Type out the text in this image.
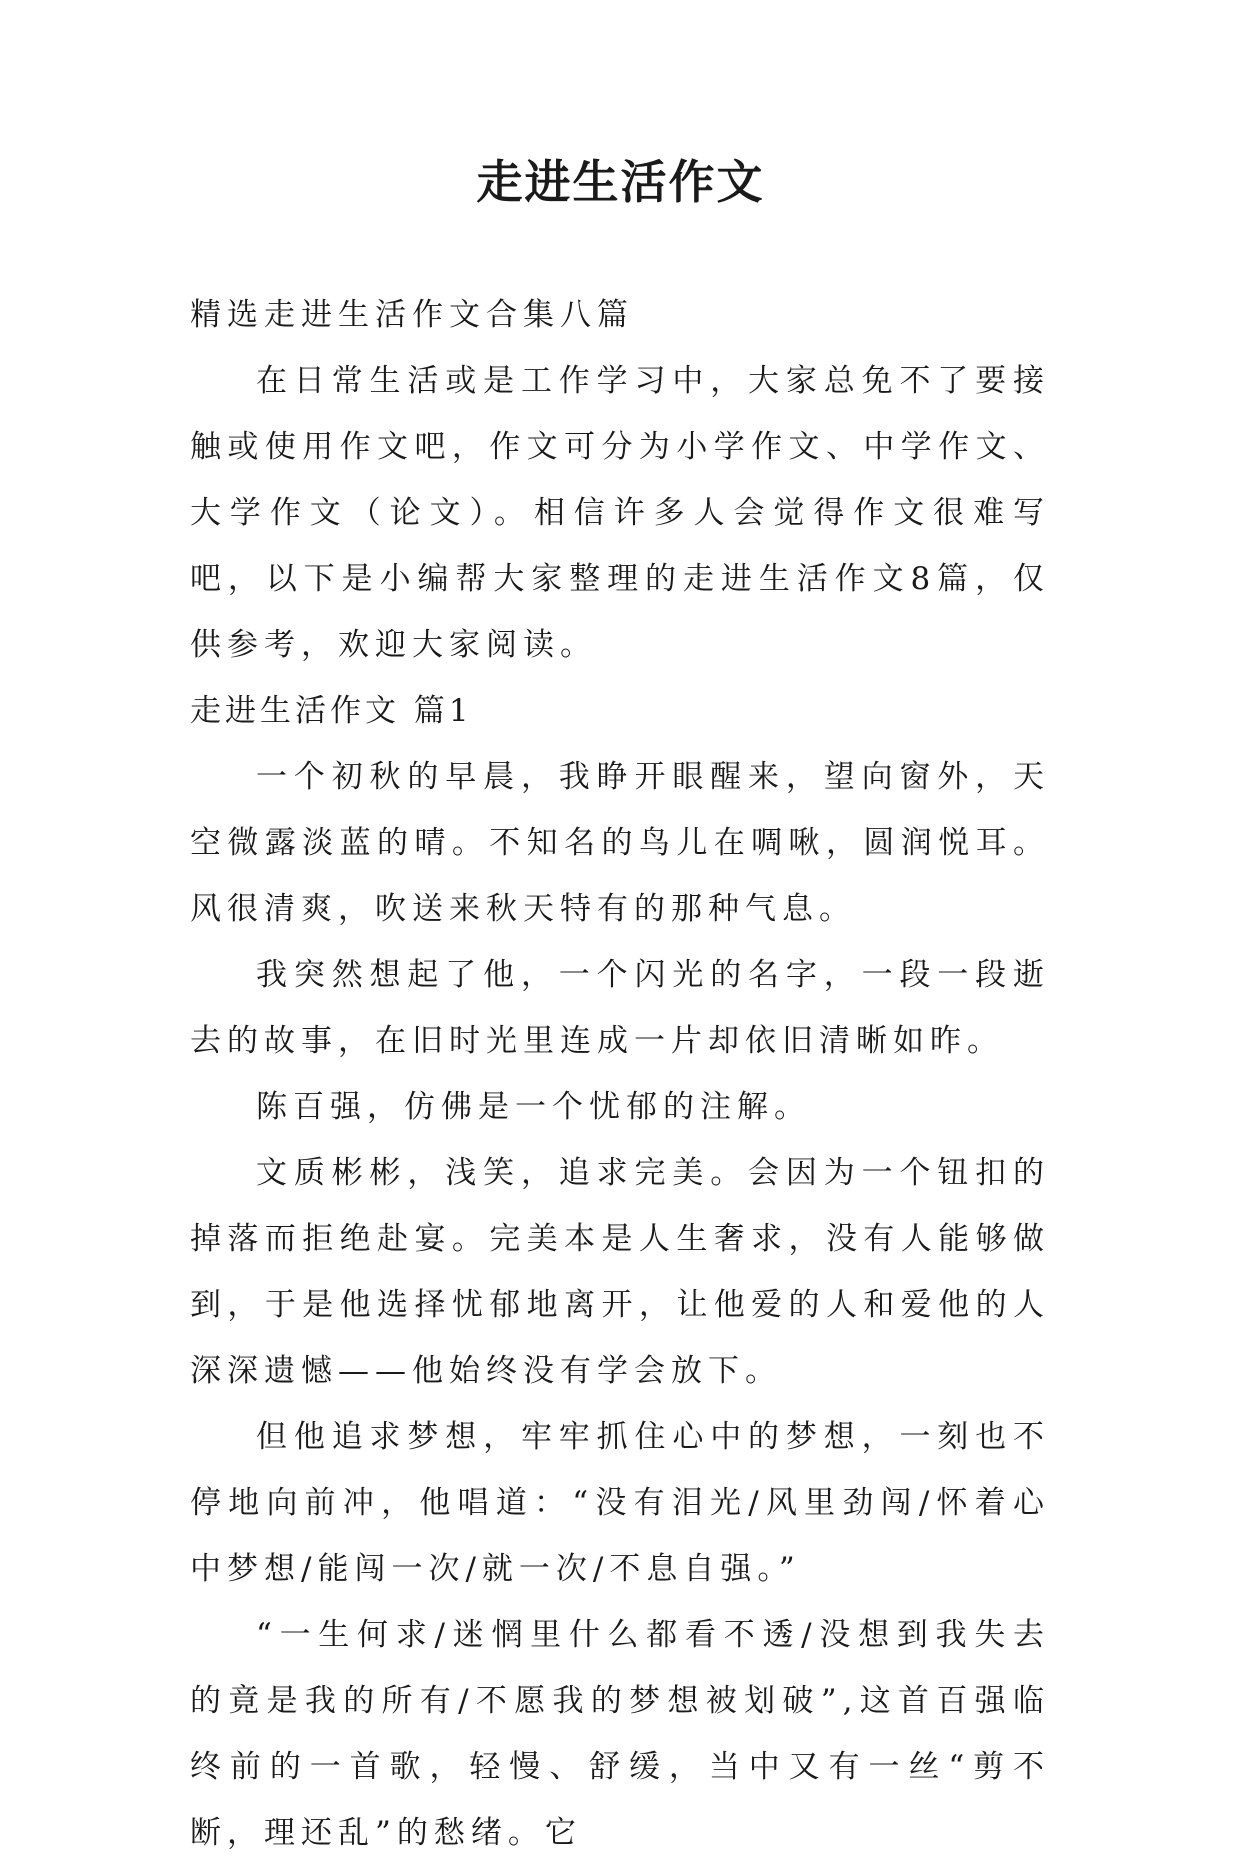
走进生活作文

精选走进生活作文合集八篇

在日常生活或是工作学习中，大家总免不了要接触或使用作文吧，作文可分为小学作文、中学作文、大学作文（论文）。相信许多人会觉得作文很难写吧，以下是小编帮大家整理的走进生活作文8篇，仅供参考，欢迎大家阅读。

走进生活作文 篇1

一个初秋的早晨，我睁开眼醒来，望向窗外，天空微露淡蓝的晴。不知名的鸟儿在啁啾，圆润悦耳。风很清爽，吹送来秋天特有的那种气息。

我突然想起了他，一个闪光的名字，一段一段逝去的故事，在旧时光里连成一片却依旧清晰如昨。

陈百强，仿佛是一个忧郁的注解。

文质彬彬，浅笑，追求完美。会因为一个钮扣的掉落而拒绝赴宴。完美本是人生奢求，没有人能够做到，于是他选择忧郁地离开，让他爱的人和爱他的人深深遗憾——他始终没有学会放下。

但他追求梦想，牢牢抓住心中的梦想，一刻也不停地向前冲，他唱道：“没有泪光/风里劲闯/怀着心中梦想/能闯一次/就一次/不息自强。”

“一生何求/迷惘里什么都看不透/没想到我失去的竟是我的所有/不愿我的梦想被划破”,这首百强临终前的一首歌，轻慢、舒缓，当中又有一丝“剪不断，理还乱”的愁绪。它
